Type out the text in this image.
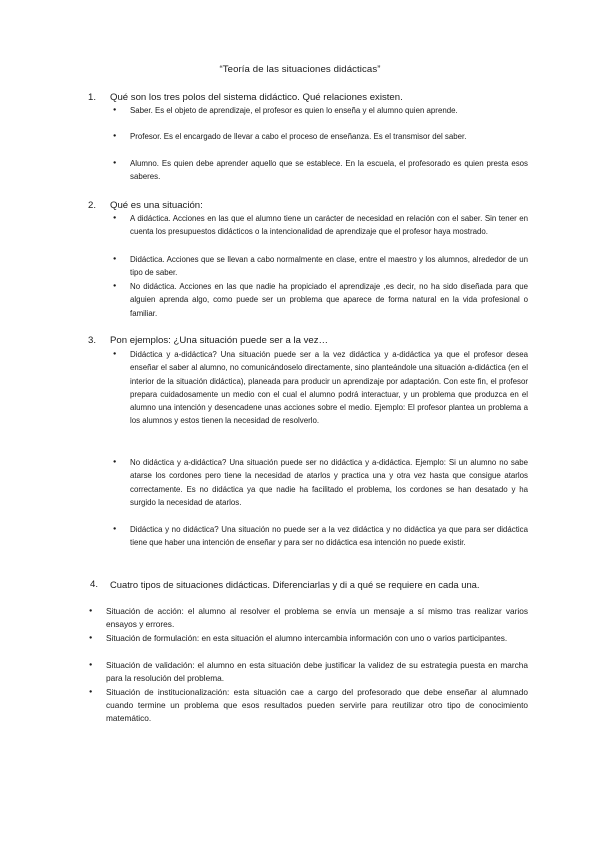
“Teoría de las situaciones didácticas”
1. Qué son los tres polos del sistema didáctico. Qué relaciones existen.
● Saber. Es el objeto de aprendizaje, el profesor es quien lo enseña y el alumno quien aprende.
● Profesor. Es el encargado de llevar a cabo el proceso de enseñanza. Es el transmisor del saber.
● Alumno. Es quien debe aprender aquello que se establece. En la escuela, el profesorado es quien presta esos saberes.
2. Qué es una situación:
● A didáctica. Acciones en las que el alumno tiene un carácter de necesidad en relación con el saber. Sin tener en cuenta los presupuestos didácticos o la intencionalidad de aprendizaje que el profesor haya mostrado.
● Didáctica. Acciones que se llevan a cabo normalmente en clase, entre el maestro y los alumnos, alrededor de un tipo de saber.
● No didáctica. Acciones en las que nadie ha propiciado el aprendizaje ,es decir, no ha sido diseñada para que alguien aprenda algo, como puede ser un problema que aparece de forma natural en la vida profesional o familiar.
3. Pon ejemplos: ¿Una situación puede ser a la vez…
● Didáctica y a-didáctica? Una situación puede ser a la vez didáctica y a-didáctica ya que el profesor desea enseñar el saber al alumno, no comunicándoselo directamente, sino planteándole una situación a-didáctica (en el interior de la situación didáctica), planeada para producir un aprendizaje por adaptación. Con este fin, el profesor prepara cuidadosamente un medio con el cual el alumno podrá interactuar, y un problema que produzca en el alumno una intención y desencadene unas acciones sobre el medio. Ejemplo: El profesor plantea un problema a los alumnos y estos tienen la necesidad de resolverlo.
● No didáctica y a-didáctica? Una situación puede ser no didáctica y a-didáctica. Ejemplo: Si un alumno no sabe atarse los cordones pero tiene la necesidad de atarlos y practica una y otra vez hasta que consigue atarlos correctamente. Es no didáctica ya que nadie ha facilitado el problema, los cordones se han desatado y ha surgido la necesidad de atarlos.
● Didáctica y no didáctica? Una situación no puede ser a la vez didáctica y no didáctica ya que para ser didáctica tiene que haber una intención de enseñar y para ser no didáctica esa intención no puede existir.
4. Cuatro tipos de situaciones didácticas. Diferenciarlas y di a qué se requiere en cada una.
● Situación de acción: el alumno al resolver el problema se envía un mensaje a sí mismo tras realizar varios ensayos y errores.
● Situación de formulación: en esta situación el alumno intercambia información con uno o varios participantes.
● Situación de validación: el alumno en esta situación debe justificar la validez de su estrategia puesta en marcha para la resolución del problema.
● Situación de institucionalización: esta situación cae a cargo del profesorado que debe enseñar al alumnado cuando termine un problema que esos resultados pueden servirle para reutilizar otro tipo de conocimiento matemático.
